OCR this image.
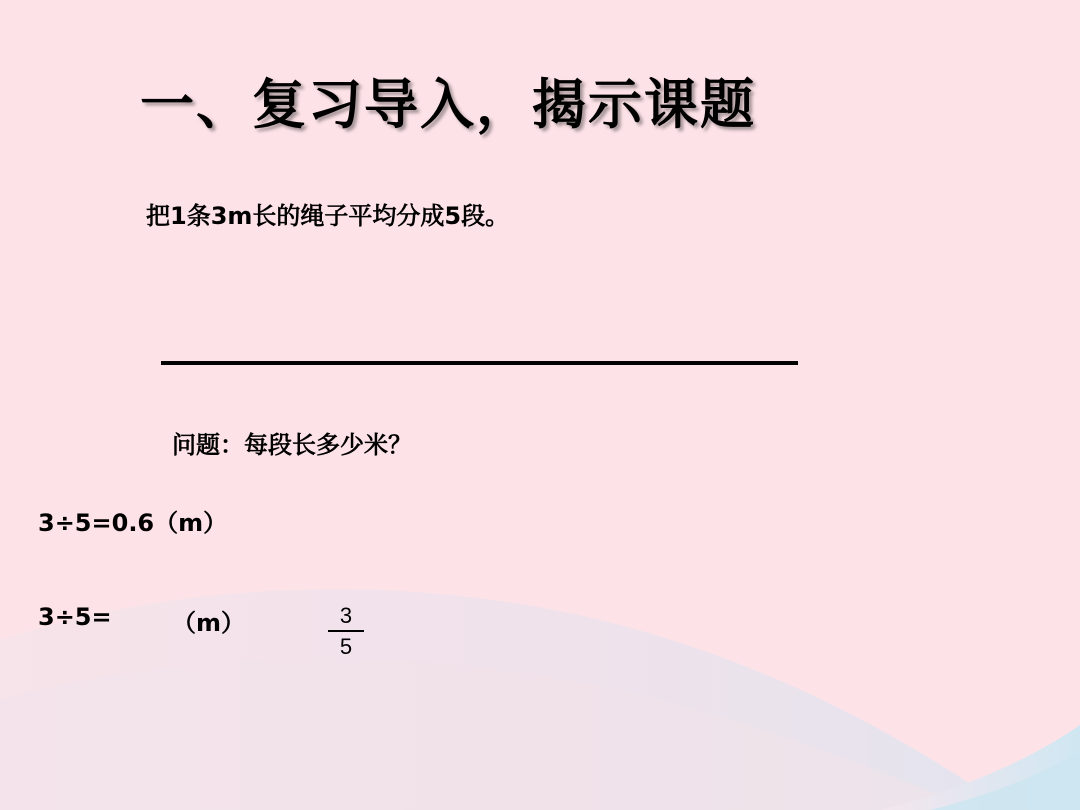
一、复习导入，揭示课题
把1条3m长的绳子平均分成5段。
问题：每段长多少米？
3÷5=0.6（m）
3÷5=	（m）	3
5
